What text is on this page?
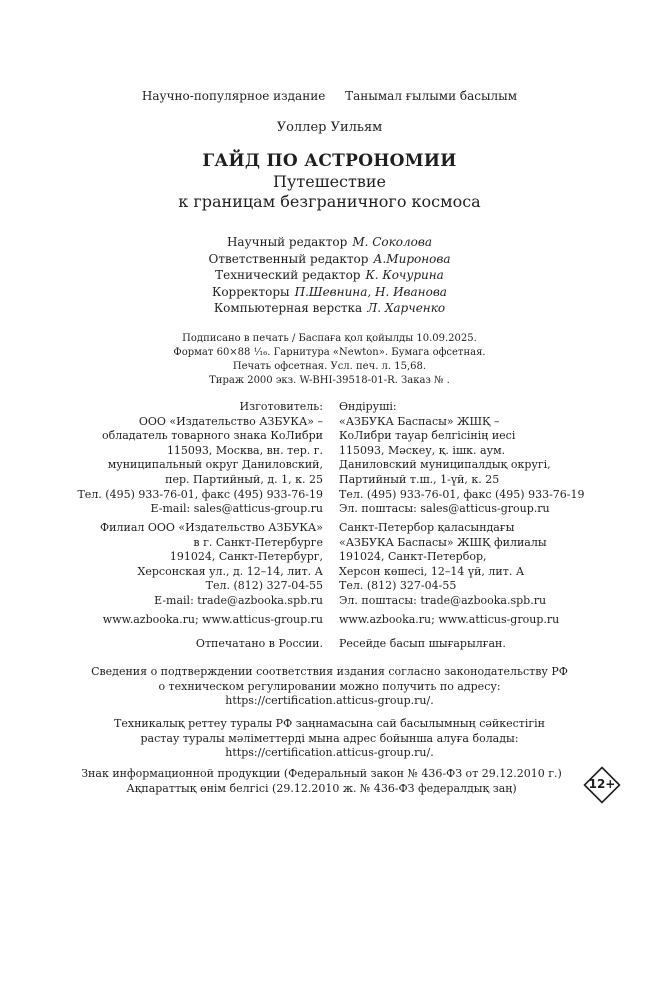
Научно-популярное издание Танымал ғылыми басылым
Уоллер Уильям
ГАЙД ПО АСТРОНОМИИ
Путешествие
к границам безграничного космоса
Научный редактор М. Соколова
Ответственный редактор А.Миронова
Технический редактор К. Кочурина
Корректоры П.Шевнина, Н. Иванова
Компьютерная верстка Л. Харченко
Подписано в печать / Баспаға қол қойылды 10.09.2025.
Формат 60×88 ¹⁄₁₆. Гарнитура «Newton». Бумага офсетная.
Печать офсетная. Усл. печ. л. 15,68.
Тираж 2000 экз. W-BHI-39518-01-R. Заказ № .
Изготовитель:
ООО «Издательство АЗБУКА» –
обладатель товарного знака КоЛибри
115093, Москва, вн. тер. г.
муниципальный округ Даниловский,
пер. Партийный, д. 1, к. 25
Тел. (495) 933-76-01, факс (495) 933-76-19
E-mail: sales@atticus-group.ru
Өндіруші:
«АЗБУКА Баспасы» ЖШҚ –
КоЛибри тауар белгісінің иесі
115093, Мәскеу, қ. ішк. аум.
Даниловский муниципалдық округі,
Партийный т.ш., 1-үй, к. 25
Тел. (495) 933-76-01, факс (495) 933-76-19
Эл. поштасы: sales@atticus-group.ru
Филиал ООО «Издательство АЗБУКА»
в г. Санкт-Петербурге
191024, Санкт-Петербург,
Херсонская ул., д. 12–14, лит. А
Тел. (812) 327-04-55
E-mail: trade@azbooka.spb.ru
Санкт-Петербор қаласындағы
«АЗБУКА Баспасы» ЖШҚ филиалы
191024, Санкт-Петербор,
Херсон көшесі, 12–14 үй, лит. А
Тел. (812) 327-04-55
Эл. поштасы: trade@azbooka.spb.ru
www.azbooka.ru; www.atticus-group.ru www.azbooka.ru; www.atticus-group.ru
Отпечатано в России. Ресейде басып шығарылған.
Сведения о подтверждении соответствия издания согласно законодательству РФ
о техническом регулировании можно получить по адресу:
https://certification.atticus-group.ru/.
Техникалық реттеу туралы РФ заңнамасына сай басылымның сәйкестігін
растау туралы мәліметтерді мына адрес бойынша алуға болады:
https://certification.atticus-group.ru/.
Знак информационной продукции (Федеральный закон № 436-ФЗ от 29.12.2010 г.)
Ақпараттық өнім белгісі (29.12.2010 ж. № 436-ФЗ федералдық заң)	12+
